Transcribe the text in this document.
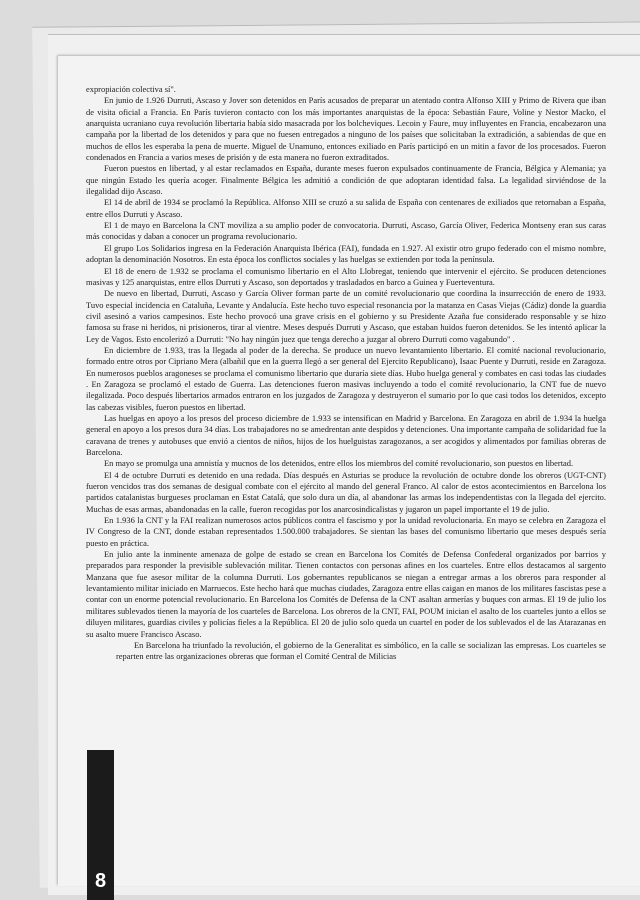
expropiación colectiva sí".

En junio de 1.926 Durruti, Ascaso y Jover son detenidos en París acusados de preparar un atentado contra Alfonso XIII y Primo de Rivera que iban de visita oficial a Francia. En París tuvieron contacto con los más importantes anarquistas de la época: Sebastián Faure, Voline y Nestor Macko, el anarquista ucraniano cuya revolución libertaria había sido masacrada por los bolcheviques. Lecoin y Faure, muy influyentes en Francia, encabezaron una campaña por la libertad de los detenidos y para que no fuesen entregados a ninguno de los países que solicitaban la extradición, a sabiendas de que en muchos de ellos les esperaba la pena de muerte. Miguel de Unamuno, entonces exiliado en París participó en un mitin a favor de los procesados. Fueron condenados en Francia a varios meses de prisión y de esta manera no fueron extraditados.

Fueron puestos en libertad, y al estar reclamados en España, durante meses fueron expulsados continuamente de Francia, Bélgica y Alemania; ya que ningún Estado les quería acoger. Finalmente Bélgica les admitió a condición de que adoptaran identidad falsa. La legalidad sirviéndose de la ilegalidad dijo Ascaso.

El 14 de abril de 1934 se proclamó la República. Alfonso XIII se cruzó a su salida de España con centenares de exiliados que retornaban a España, entre ellos Durruti y Ascaso.

El 1 de mayo en Barcelona la CNT moviliza a su amplio poder de convocatoria. Durruti, Ascaso, García Oliver, Federica Montseny eran sus caras más conocidas y daban a conocer un programa revolucionario.

El grupo Los Solidarios ingresa en la Federación Anarquista Ibérica (FAI), fundada en 1.927. Al existir otro grupo federado con el mismo nombre, adoptan la denominación Nosotros. En esta época los conflictos sociales y las huelgas se extienden por toda la península.

El 18 de enero de 1.932 se proclama el comunismo libertario en el Alto Llobregat, teniendo que intervenir el ejército. Se producen detenciones masivas y 125 anarquistas, entre ellos Durruti y Ascaso, son deportados y trasladados en barco a Guinea y Fuerteventura.

De nuevo en libertad, Durruti, Ascaso y García Oliver forman parte de un comité revolucionario que coordina la insurrección de enero de 1933. Tuvo especial incidencia en Cataluña, Levante y Andalucía. Este hecho tuvo especial resonancia por la matanza en Casas Viejas (Cádiz) donde la guardia civil asesinó a varios campesinos. Este hecho provocó una grave crisis en el gobierno y su Presidente Azaña fue considerado responsable y se hizo famosa su frase ni heridos, ni prisioneros, tirar al vientre. Meses después Durruti y Ascaso, que estaban huidos fueron detenidos. Se les intentó aplicar la Ley de Vagos. Esto encolerizó a Durruti: "No hay ningún juez que tenga derecho a juzgar al obrero Durruti como vagabundo" .

En diciembre de 1.933, tras la llegada al poder de la derecha. Se produce un nuevo levantamiento libertario. El comité nacional revolucionario, formado entre otros por Cipriano Mera (albañil que en la guerra llegó a ser general del Ejercito Republicano), Isaac Puente y Durruti, reside en Zaragoza. En numerosos pueblos aragoneses se proclama el comunismo libertario que duraría siete días. Hubo huelga general y combates en casi todas las ciudades . En Zaragoza se proclamó el estado de Guerra. Las detenciones fueron masivas incluyendo a todo el comité revolucionario, la CNT fue de nuevo ilegalizada. Poco después libertarios armados entraron en los juzgados de Zaragoza y destruyeron el sumario por lo que casi todos los detenidos, excepto las cabezas visibles, fueron puestos en libertad.

Las huelgas en apoyo a los presos del proceso diciembre de 1.933 se intensifican en Madrid y Barcelona. En Zaragoza en abril de 1.934 la huelga general en apoyo a los presos dura 34 días. Los trabajadores no se amedrentan ante despidos y detenciones. Una importante campaña de solidaridad fue la caravana de trenes y autobuses que envió a cientos de niños, hijos de los huelguistas zaragozanos, a ser acogidos y alimentados por familias obreras de Barcelona.

En mayo se promulga una amnistía y mucnos de los detenidos, entre ellos los miembros del comité revolucionario, son puestos en libertad.

El 4 de octubre Durruti es detenido en una redada. Días después en Asturias se produce la revolución de octubre donde los obreros (UGT-CNT) fueron vencidos tras dos semanas de desigual combate con el ejército al mando del general Franco. Al calor de estos acontecimientos en Barcelona los partidos catalanistas burgueses proclaman en Estat Catalá, que solo dura un día, al abandonar las armas los independentistas con la llegada del ejercito. Muchas de esas armas, abandonadas en la calle, fueron recogidas por los anarcosindicalistas y jugaron un papel importante el 19 de julio.

En 1.936 la CNT y la FAI realizan numerosos actos públicos contra el fascismo y por la unidad revolucionaria. En mayo se celebra en Zaragoza el IV Congreso de la CNT, donde estaban representados 1.500.000 trabajadores. Se sientan las bases del comunismo libertario que meses después sería puesto en práctica.

En julio ante la inminente amenaza de golpe de estado se crean en Barcelona los Comités de Defensa Confederal organizados por barrios y preparados para responder la previsible sublevación militar. Tienen contactos con personas afines en los cuarteles. Entre ellos destacamos al sargento Manzana que fue asesor militar de la columna Durruti. Los gobernantes republicanos se niegan a entregar armas a los obreros para responder al levantamiento militar iniciado en Marruecos. Este hecho hará que muchas ciudades, Zaragoza entre ellas caigan en manos de los militares fascistas pese a contar con un enorme potencial revolucionario. En Barcelona los Comités de Defensa de la CNT asaltan armerías y buques con armas. El 19 de julio los militares sublevados tienen la mayoría de los cuarteles de Barcelona. Los obreros de la CNT, FAI, POUM inician el asalto de los cuarteles junto a ellos se diluyen militares, guardias civiles y policías fieles a la República. El 20 de julio solo queda un cuartel en poder de los sublevados el de las Atarazanas en su asalto muere Francisco Ascaso.

En Barcelona ha triunfado la revolución, el gobierno de la Generalitat es simbólico, en la calle se socializan las empresas. Los cuarteles se reparten entre las organizaciones obreras que forman el Comité Central de Milicias

8
